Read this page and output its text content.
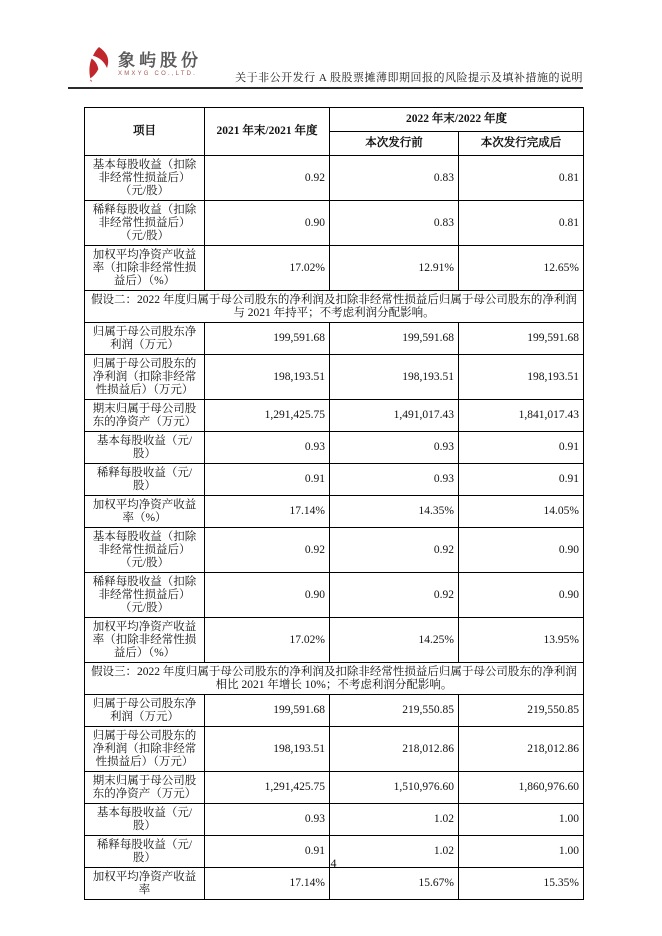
象屿股份
XMXYG CO.,LTD.	关于非公开发行 A 股股票摊薄即期回报的风险提示及填补措施的说明
项目	2021 年末/2021 年度	2022 年末/2022 年度	
		本次发行前	本次发行完成后
基本每股收益（扣除非经常性损益后）（元/股）	0.92	0.83	0.81
稀释每股收益（扣除非经常性损益后）（元/股）	0.90	0.83	0.81
加权平均净资产收益率（扣除非经常性损益后）（%）	17.02%	12.91%	12.65%
假设二：2022 年度归属于母公司股东的净利润及扣除非经常性损益后归属于母公司股东的净利润与 2021 年持平；不考虑利润分配影响。			
归属于母公司股东净利润（万元）	199,591.68	199,591.68	199,591.68
归属于母公司股东的净利润（扣除非经常性损益后）（万元）	198,193.51	198,193.51	198,193.51
期末归属于母公司股东的净资产（万元）	1,291,425.75	1,491,017.43	1,841,017.43
基本每股收益（元/股）	0.93	0.93	0.91
稀释每股收益（元/股）	0.91	0.93	0.91
加权平均净资产收益率（%）	17.14%	14.35%	14.05%
基本每股收益（扣除非经常性损益后）（元/股）	0.92	0.92	0.90
稀释每股收益（扣除非经常性损益后）（元/股）	0.90	0.92	0.90
加权平均净资产收益率（扣除非经常性损益后）（%）	17.02%	14.25%	13.95%
假设三：2022 年度归属于母公司股东的净利润及扣除非经常性损益后归属于母公司股东的净利润相比 2021 年增长 10%；不考虑利润分配影响。			
归属于母公司股东净利润（万元）	199,591.68	219,550.85	219,550.85
归属于母公司股东的净利润（扣除非经常性损益后）（万元）	198,193.51	218,012.86	218,012.86
期末归属于母公司股东的净资产（万元）	1,291,425.75	1,510,976.60	1,860,976.60
基本每股收益（元/股）	0.93	1.02	1.00
稀释每股收益（元/股）	0.91	1.02	1.00
加权平均净资产收益率	17.14%	15.67%	15.35%
4
